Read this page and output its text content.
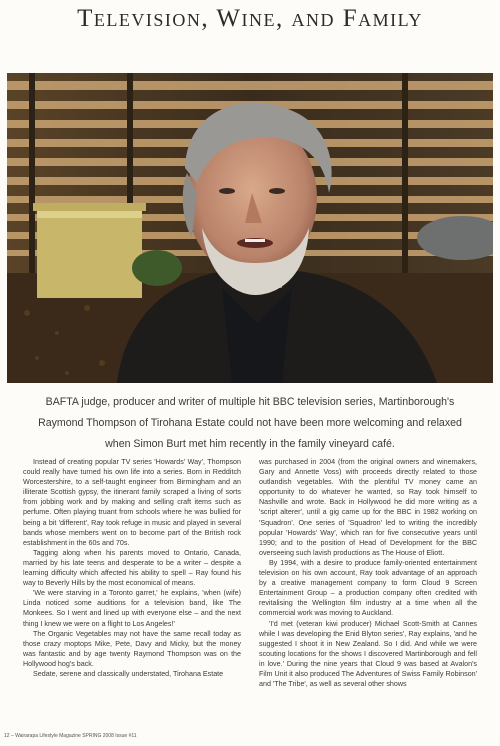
Television, Wine, and Family
BAFTA judge, producer and writer of multiple hit BBC television series, Martinborough's Raymond Thompson of Tirohana Estate could not have been more welcoming and relaxed when Simon Burt met him recently in the family vineyard café.

Instead of creating popular TV series 'Howards' Way', Thompson could really have turned his own life into a series. Born in Redditch Worcestershire, to a self-taught engineer from Birmingham and an illiterate Scottish gypsy, the itinerant family scraped a living of sorts from jobbing work and by making and selling craft items such as perfume. Often playing truant from schools where he was bullied for being a bit 'different', Ray took refuge in music and played in several bands whose members went on to become part of the British rock establishment in the 60s and 70s.

Tagging along when his parents moved to Ontario, Canada, married by his late teens and desperate to be a writer – despite a learning difficulty which affected his ability to spell – Ray found his way to Beverly Hills by the most economical of means.

'We were starving in a Toronto garret,' he explains, 'when (wife) Linda noticed some auditions for a television band, like The Monkees. So I went and lined up with everyone else – and the next thing I knew we were on a flight to Los Angeles!'

The Organic Vegetables may not have the same recall today as those crazy moptops Mike, Pete, Davy and Micky, but the money was fantastic and by age twenty Raymond Thompson was on the Hollywood hog's back.

Sedate, serene and classically understated, Tirohana Estate

was purchased in 2004 (from the original owners and winemakers, Gary and Annette Voss) with proceeds directly related to those outlandish vegetables. With the plentiful TV money came an opportunity to do whatever he wanted, so Ray took himself to Nashville and wrote. Back in Hollywood he did more writing as a 'script alterer', until a gig came up for the BBC in 1982 working on 'Squadron'. One series of 'Squadron' led to writing the incredibly popular 'Howards' Way', which ran for five consecutive years until 1990; and to the position of Head of Development for the BBC overseeing such lavish productions as The House of Eliott.

By 1994, with a desire to produce family-oriented entertainment television on his own account, Ray took advantage of an approach by a creative management company to form Cloud 9 Screen Entertainment Group – a production company often credited with revitalising the Wellington film industry at a time when all the commercial work was moving to Auckland.

'I'd met (veteran kiwi producer) Michael Scott-Smith at Cannes while I was developing the Enid Blyton series', Ray explains, 'and he suggested I shoot it in New Zealand. So I did. And while we were scouting locations for the shows I discovered Martinborough and fell in love.' During the nine years that Cloud 9 was based at Avalon's Film Unit it also produced The Adventures of Swiss Family Robinson' and 'The Tribe', as well as several other shows

12 – Wairarapa Lifestyle Magazine SPRING 2008 Issue #11
